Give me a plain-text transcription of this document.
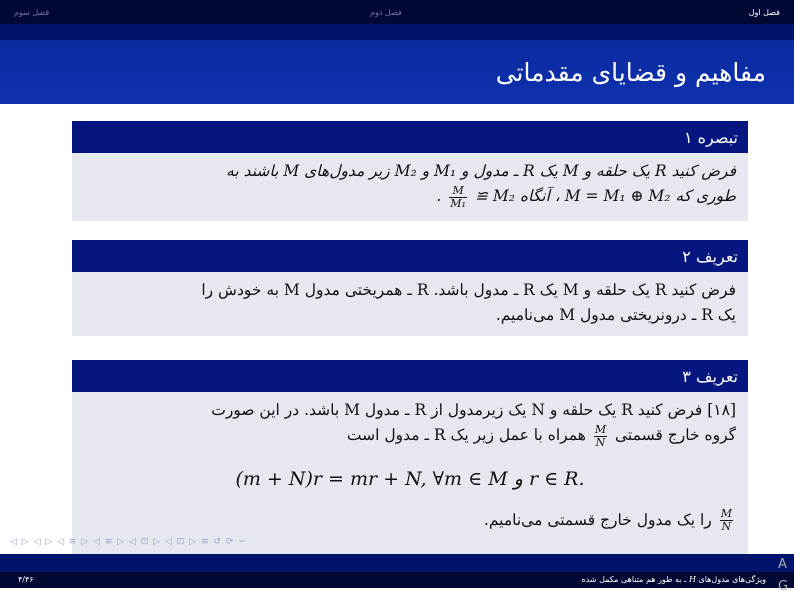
فصل سوم	فصل دوم	فصل اول
مفاهیم و قضایای مقدماتی
تبصره ۱
فرض کنید R یک حلقه و M یک R ـ مدول و M₁ و M₂ زیر مدول‌های M باشند به
طوری که M = M₁ ⊕ M₂ ، آنگاه M₂ ≅
$\frac{M}{\text{M₁}}$
.
تعریف ۲
فرض کنید R یک حلقه و M یک R ـ مدول باشد. R ـ همریختی مدول M به خودش را
یک R ـ درونریختی مدول M می‌نامیم.
تعریف ۳
[۱۸] فرض کنید R یک حلقه و N یک زیرمدول از R ـ مدول M باشد. در این صورت
گروه خارج قسمتی
$\frac{M}{N}$
همراه با عمل زیر یک R ـ مدول است
(m + N)r = mr + N, ∀m ∈ M و r ∈ R.
$\frac{M}{N}$
را یک مدول خارج قسمتی می‌نامیم.
◁ ▷ ◁ ▷ ◁ ≡ ▷ ◁ ≡ ▷ ◁ ⊡ ▷ ◁ ⊡ ▷ ≡ ↺ ⟳ ∽
۴/۴۶	ویژگی‌های مدول‌های H ـ به طور هم متناهی مکمل شده
A
G
